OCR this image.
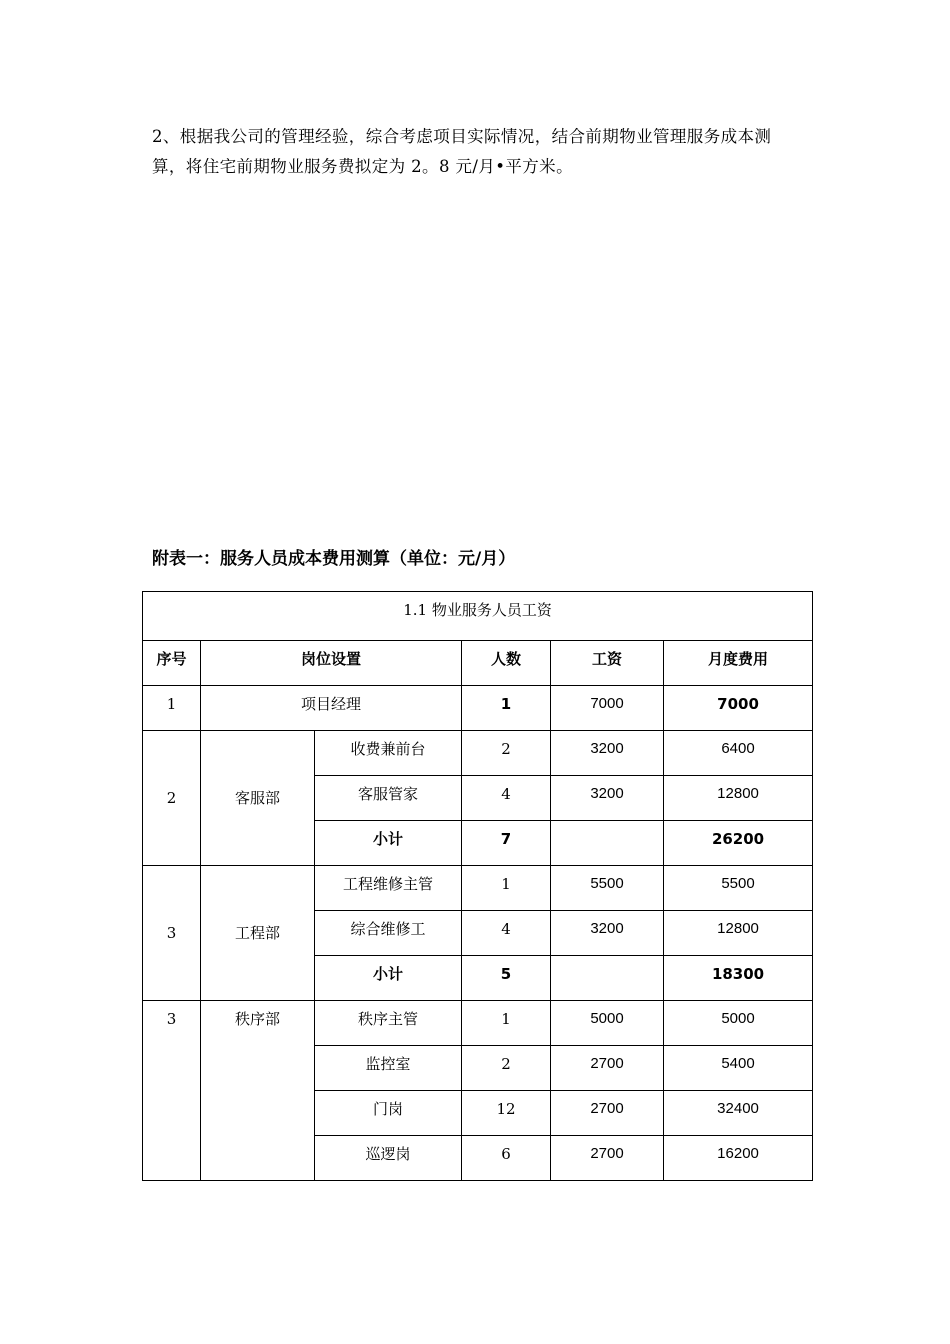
2、根据我公司的管理经验，综合考虑项目实际情况，结合前期物业管理服务成本测
算，将住宅前期物业服务费拟定为 2。8 元/月•平方米。
附表一：服务人员成本费用测算（单位：元/月）
1.1 物业服务人员工资					
序号	岗位设置		人数	工资	月度费用
1	项目经理		1	7000	7000
2	客服部	收费兼前台	2	3200	6400
		客服管家	4	3200	12800
		小计	7		26200
3	工程部	工程维修主管	1	5500	5500
		综合维修工	4	3200	12800
		小计	5		18300
3	秩序部	秩序主管	1	5000	5000
		监控室	2	2700	5400
		门岗	12	2700	32400
		巡逻岗	6	2700	16200
